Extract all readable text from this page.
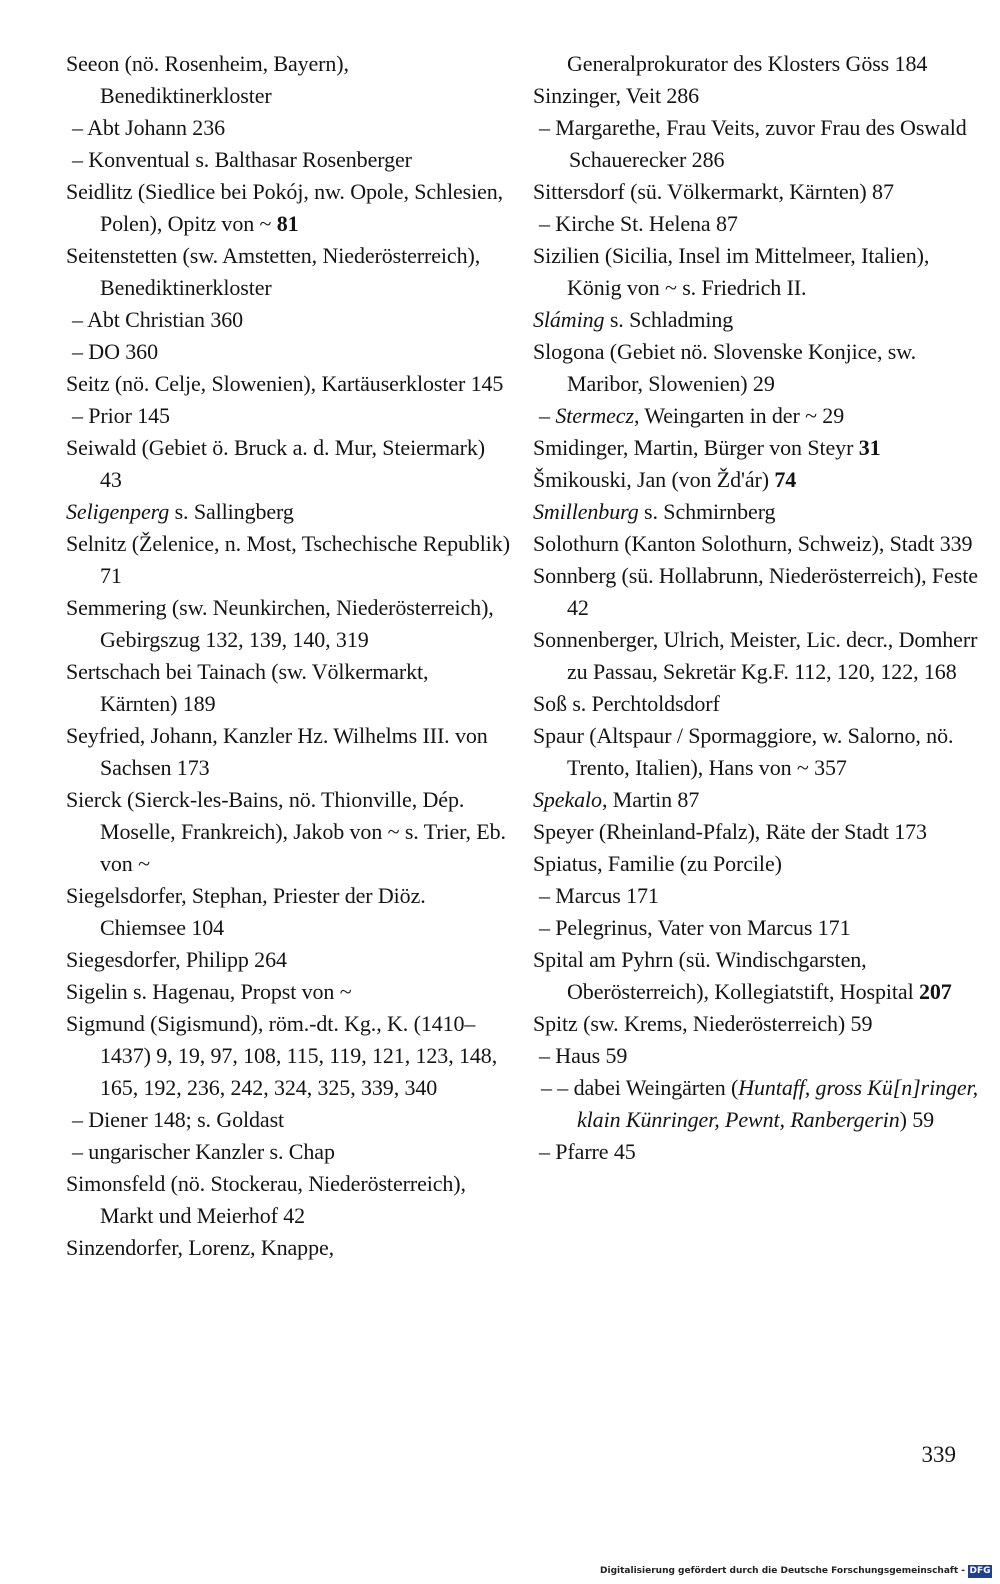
Seeon (nö. Rosenheim, Bayern), Benediktinerkloster

– Abt Johann 236

– Konventual s. Balthasar Rosenberger

Seidlitz (Siedlice bei Pokój, nw. Opole, Schlesien, Polen), Opitz von ~ 81

Seitenstetten (sw. Amstetten, Niederösterreich), Benediktinerkloster

– Abt Christian 360

– DO 360

Seitz (nö. Celje, Slowenien), Kartäuserkloster 145

– Prior 145

Seiwald (Gebiet ö. Bruck a. d. Mur, Steiermark) 43

Seligenperg s. Sallingberg

Selnitz (Želenice, n. Most, Tschechische Republik) 71

Semmering (sw. Neunkirchen, Niederösterreich), Gebirgszug 132, 139, 140, 319

Sertschach bei Tainach (sw. Völkermarkt, Kärnten) 189

Seyfried, Johann, Kanzler Hz. Wilhelms III. von Sachsen 173

Sierck (Sierck-les-Bains, nö. Thionville, Dép. Moselle, Frankreich), Jakob von ~ s. Trier, Eb. von ~

Siegelsdorfer, Stephan, Priester der Diöz. Chiemsee 104

Siegesdorfer, Philipp 264

Sigelin s. Hagenau, Propst von ~

Sigmund (Sigismund), röm.-dt. Kg., K. (1410–1437) 9, 19, 97, 108, 115, 119, 121, 123, 148, 165, 192, 236, 242, 324, 325, 339, 340

– Diener 148; s. Goldast

– ungarischer Kanzler s. Chap

Simonsfeld (nö. Stockerau, Niederösterreich), Markt und Meierhof 42

Sinzendorfer, Lorenz, Knappe,

Generalprokurator des Klosters Göss 184

Sinzinger, Veit 286

– Margarethe, Frau Veits, zuvor Frau des Oswald Schauerecker 286

Sittersdorf (sü. Völkermarkt, Kärnten) 87

– Kirche St. Helena 87

Sizilien (Sicilia, Insel im Mittelmeer, Italien), König von ~ s. Friedrich II.

Sláming s. Schladming

Slogona (Gebiet nö. Slovenske Konjice, sw. Maribor, Slowenien) 29

– Stermecz, Weingarten in der ~ 29

Smidinger, Martin, Bürger von Steyr 31

Šmikouski, Jan (von Žd'ár) 74

Smillenburg s. Schmirnberg

Solothurn (Kanton Solothurn, Schweiz), Stadt 339

Sonnberg (sü. Hollabrunn, Niederösterreich), Feste 42

Sonnenberger, Ulrich, Meister, Lic. decr., Domherr zu Passau, Sekretär Kg.F. 112, 120, 122, 168

Soß s. Perchtoldsdorf

Spaur (Altspaur / Spormaggiore, w. Salorno, nö. Trento, Italien), Hans von ~ 357

Spekalo, Martin 87

Speyer (Rheinland-Pfalz), Räte der Stadt 173

Spiatus, Familie (zu Porcile)

– Marcus 171

– Pelegrinus, Vater von Marcus 171

Spital am Pyhrn (sü. Windischgarsten, Oberösterreich), Kollegiatstift, Hospital 207

Spitz (sw. Krems, Niederösterreich) 59

– Haus 59

– – dabei Weingärten (Huntaff, gross Kü[n]ringer, klain Künringer, Pewnt, Ranbergerin) 59

– Pfarre 45

339
Digitalisierung gefördert durch die Deutsche Forschungsgemeinschaft - DFG
